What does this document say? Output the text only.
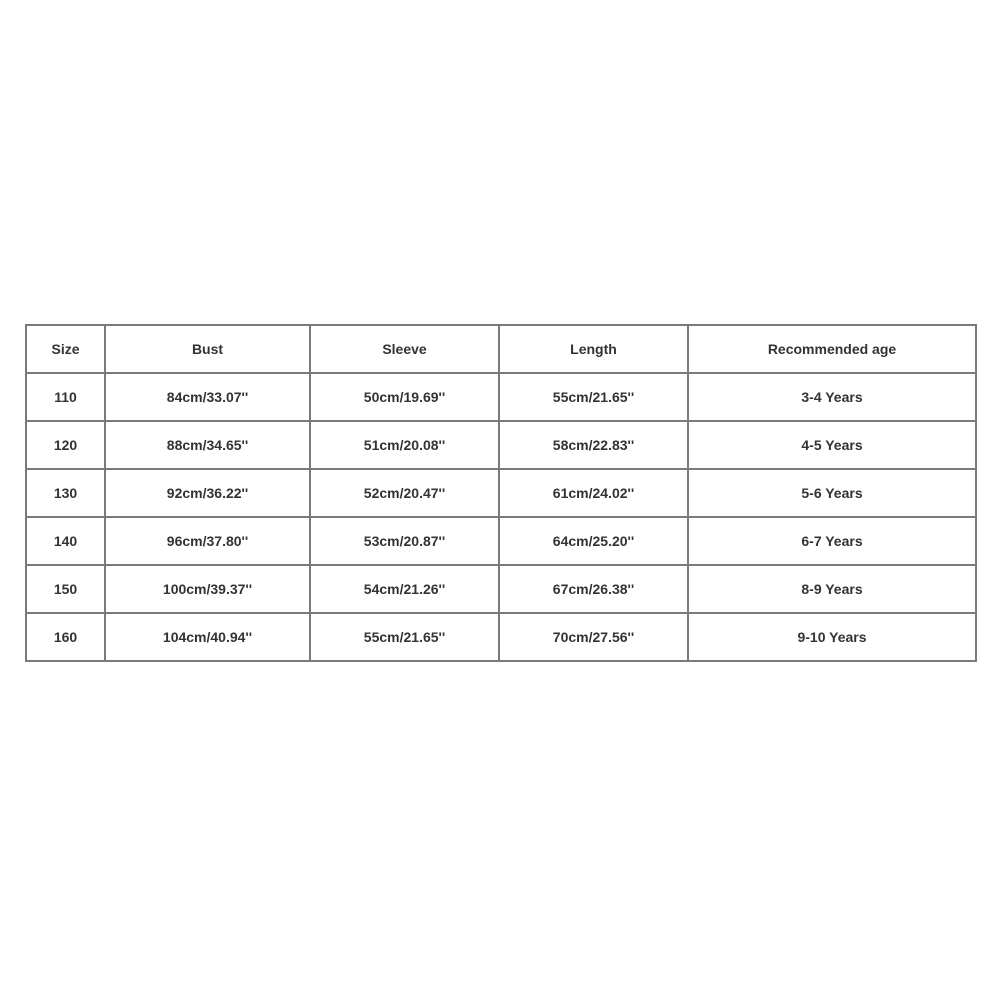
Size	Bust	Sleeve	Length	Recommended age
110	84cm/33.07''	50cm/19.69''	55cm/21.65''	3-4 Years
120	88cm/34.65''	51cm/20.08''	58cm/22.83''	4-5 Years
130	92cm/36.22''	52cm/20.47''	61cm/24.02''	5-6 Years
140	96cm/37.80''	53cm/20.87''	64cm/25.20''	6-7 Years
150	100cm/39.37''	54cm/21.26''	67cm/26.38''	8-9 Years
160	104cm/40.94''	55cm/21.65''	70cm/27.56''	9-10 Years
